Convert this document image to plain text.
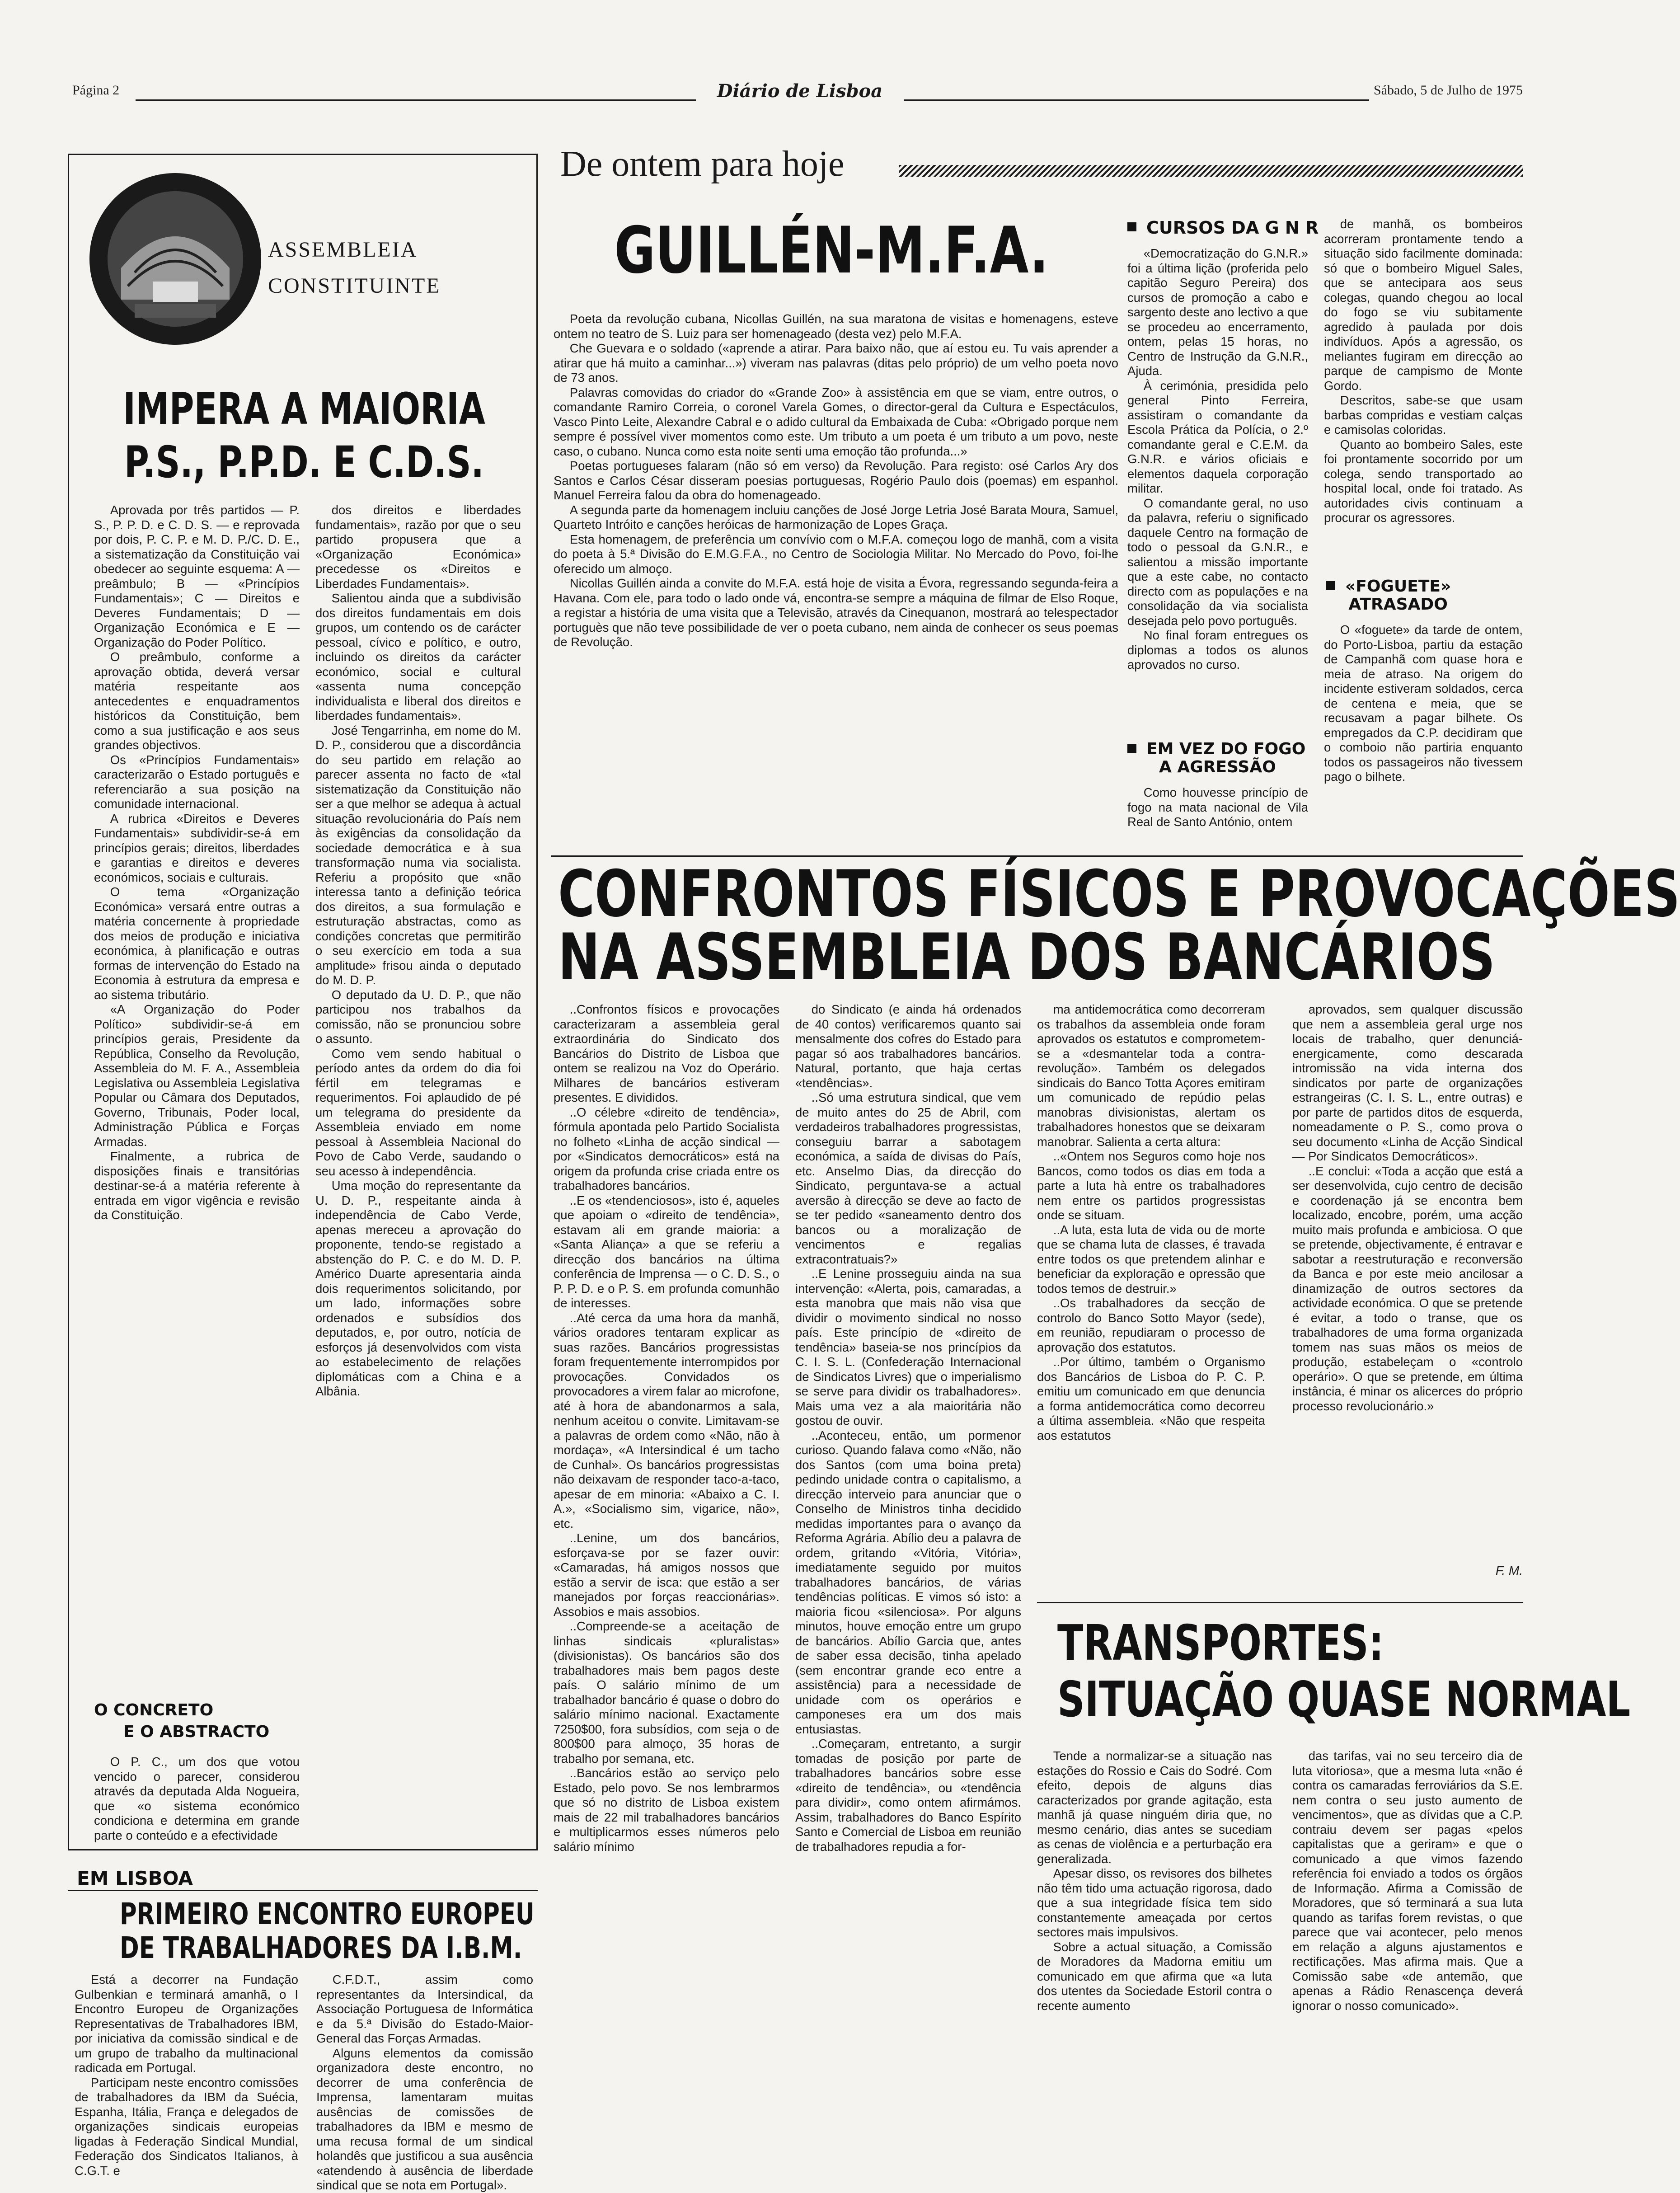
Página 2	Diário de Lisboa	Sábado, 5 de Julho de 1975
ASSEMBLEIA
CONSTITUINTE
IMPERA A MAIORIA
P.S., P.P.D. E C.D.S.

Aprovada por três partidos — P. S., P. P. D. e C. D. S. — e reprovada por dois, P. C. P. e M. D. P./C. D. E., a sistematização da Constituição vai obedecer ao seguinte esquema: A — preâmbulo; B — «Princípios Fundamentais»; C — Direitos e Deveres Fundamentais; D — Organização Económica e E — Organização do Poder Político.

O preâmbulo, conforme a aprovação obtida, deverá versar matéria respeitante aos antecedentes e enquadramentos históricos da Constituição, bem como a sua justificação e aos seus grandes objectivos.

Os «Princípios Fundamentais» caracterizarão o Estado português e referenciarão a sua posição na comunidade internacional.

A rubrica «Direitos e Deveres Fundamentais» subdividir-se-á em princípios gerais; direitos, liberdades e garantias e direitos e deveres económicos, sociais e culturais.

O tema «Organização Económica» versará entre outras a matéria concernente à propriedade dos meios de produção e iniciativa económica, à planificação e outras formas de intervenção do Estado na Economia à estrutura da empresa e ao sistema tributário.

«A Organização do Poder Político» subdividir-se-á em princípios gerais, Presidente da República, Conselho da Revolução, Assembleia do M. F. A., Assembleia Legislativa ou Assembleia Legislativa Popular ou Câmara dos Deputados, Governo, Tribunais, Poder local, Administração Pública e Forças Armadas.

Finalmente, a rubrica de disposições finais e transitórias destinar-se-á a matéria referente à entrada em vigor vigência e revisão da Constituição.

O CONCRETO
E O ABSTRACTO

O P. C., um dos que votou vencido o parecer, considerou através da deputada Alda Nogueira, que «o sistema económico condiciona e determina em grande parte o conteúdo e a efectividade

dos direitos e liberdades fundamentais», razão por que o seu partido propusera que a «Organização Económica» precedesse os «Direitos e Liberdades Fundamentais».

Salientou ainda que a subdivisão dos direitos fundamentais em dois grupos, um contendo os de carácter pessoal, cívico e político, e outro, incluindo os direitos da carácter económico, social e cultural «assenta numa concepção individualista e liberal dos direitos e liberdades fundamentais».

José Tengarrinha, em nome do M. D. P., considerou que a discordância do seu partido em relação ao parecer assenta no facto de «tal sistematização da Constituição não ser a que melhor se adequa à actual situação revolucionária do País nem às exigências da consolidação da sociedade democrática e à sua transformação numa via socialista. Referiu a propósito que «não interessa tanto a definição teórica dos direitos, a sua formulação e estruturação abstractas, como as condições concretas que permitirão o seu exercício em toda a sua amplitude» frisou ainda o deputado do M. D. P.

O deputado da U. D. P., que não participou nos trabalhos da comissão, não se pronunciou sobre o assunto.

Como vem sendo habitual o período antes da ordem do dia foi fértil em telegramas e requerimentos. Foi aplaudido de pé um telegrama do presidente da Assembleia enviado em nome pessoal à Assembleia Nacional do Povo de Cabo Verde, saudando o seu acesso à independência.

Uma moção do representante da U. D. P., respeitante ainda à independência de Cabo Verde, apenas mereceu a aprovação do proponente, tendo-se registado a abstenção do P. C. e do M. D. P. Américo Duarte apresentaria ainda dois requerimentos solicitando, por um lado, informações sobre ordenados e subsídios dos deputados, e, por outro, notícia de esforços já desenvolvidos com vista ao estabelecimento de relações diplomáticas com a China e a Albânia.

EM LISBOA
PRIMEIRO ENCONTRO EUROPEU
DE TRABALHADORES DA I.B.M.

Está a decorrer na Fundação Gulbenkian e terminará amanhã, o I Encontro Europeu de Organizações Representativas de Trabalhadores IBM, por iniciativa da comissão sindical e de um grupo de trabalho da multinacional radicada em Portugal.

Participam neste encontro comissões de trabalhadores da IBM da Suécia, Espanha, Itália, França e delegados de organizações sindicais europeias ligadas à Federação Sindical Mundial, Federação dos Sindicatos Italianos, à C.G.T. e

C.F.D.T., assim como representantes da Intersindical, da Associação Portuguesa de Informática e da 5.ª Divisão do Estado-Maior-General das Forças Armadas.

Alguns elementos da comissão organizadora deste encontro, no decorrer de uma conferência de Imprensa, lamentaram muitas ausências de comissões de trabalhadores da IBM e mesmo de uma recusa formal de um sindical holandês que justificou a sua ausência «atendendo à ausência de liberdade sindical que se nota em Portugal».

De ontem para hoje
GUILLÉN-M.F.A.

Poeta da revolução cubana, Nicollas Guillén, na sua maratona de visitas e homenagens, esteve ontem no teatro de S. Luiz para ser homenageado (desta vez) pelo M.F.A.

Che Guevara e o soldado («aprende a atirar. Para baixo não, que aí estou eu. Tu vais aprender a atirar que há muito a caminhar...») viveram nas palavras (ditas pelo próprio) de um velho poeta novo de 73 anos.

Palavras comovidas do criador do «Grande Zoo» à assistência em que se viam, entre outros, o comandante Ramiro Correia, o coronel Varela Gomes, o director-geral da Cultura e Espectáculos, Vasco Pinto Leite, Alexandre Cabral e o adido cultural da Embaixada de Cuba: «Obrigado porque nem sempre é possível viver momentos como este. Um tributo a um poeta é um tributo a um povo, neste caso, o cubano. Nunca como esta noite senti uma emoção tão profunda...»

Poetas portugueses falaram (não só em verso) da Revolução. Para registo: osé Carlos Ary dos Santos e Carlos César disseram poesias portuguesas, Rogério Paulo dois (poemas) em espanhol. Manuel Ferreira falou da obra do homenageado.

A segunda parte da homenagem incluiu canções de José Jorge Letria José Barata Moura, Samuel, Quarteto Intróito e canções heróicas de harmonização de Lopes Graça.

Esta homenagem, de preferência um convívio com o M.F.A. começou logo de manhã, com a visita do poeta à 5.ª Divisão do E.M.G.F.A., no Centro de Sociologia Militar. No Mercado do Povo, foi-lhe oferecido um almoço.

Nicollas Guillén ainda a convite do M.F.A. está hoje de visita a Évora, regressando segunda-feira a Havana. Com ele, para todo o lado onde vá, encontra-se sempre a máquina de filmar de Elso Roque, a registar a história de uma visita que a Televisão, através da Cinequanon, mostrará ao telespectador portuguès que não teve possibilidade de ver o poeta cubano, nem ainda de conhecer os seus poemas de Revolução.

CURSOS DA G N R

«Democratização do G.N.R.» foi a última lição (proferida pelo capitão Seguro Pereira) dos cursos de promoção a cabo e sargento deste ano lectivo a que se procedeu ao encerramento, ontem, pelas 15 horas, no Centro de Instrução da G.N.R., Ajuda.

À cerimónia, presidida pelo general Pinto Ferreira, assistiram o comandante da Escola Prática da Polícia, o 2.º comandante geral e C.E.M. da G.N.R. e vários oficiais e elementos daquela corporação militar.

O comandante geral, no uso da palavra, referiu o significado daquele Centro na formação de todo o pessoal da G.N.R., e salientou a missão importante que a este cabe, no contacto directo com as populações e na consolidação da via socialista desejada pelo povo português.

No final foram entregues os diplomas a todos os alunos aprovados no curso.

EM VEZ DO FOGO
A AGRESSÃO

Como houvesse princípio de fogo na mata nacional de Vila Real de Santo António, ontem

de manhã, os bombeiros acorreram prontamente tendo a situação sido facilmente dominada: só que o bombeiro Miguel Sales, que se antecipara aos seus colegas, quando chegou ao local do fogo se viu subitamente agredido à paulada por dois indivíduos. Após a agressão, os meliantes fugiram em direcção ao parque de campismo de Monte Gordo.

Descritos, sabe-se que usam barbas compridas e vestiam calças e camisolas coloridas.

Quanto ao bombeiro Sales, este foi prontamente socorrido por um colega, sendo transportado ao hospital local, onde foi tratado. As autoridades civis continuam a procurar os agressores.

«FOGUETE»
ATRASADO

O «foguete» da tarde de ontem, do Porto-Lisboa, partiu da estação de Campanhã com quase hora e meia de atraso. Na origem do incidente estiveram soldados, cerca de centena e meia, que se recusavam a pagar bilhete. Os empregados da C.P. decidiram que o comboio não partiria enquanto todos os passageiros não tivessem pago o bilhete.

CONFRONTOS FÍSICOS E PROVOCAÇÕES
NA ASSEMBLEIA DOS BANCÁRIOS

..Confrontos físicos e provocações caracterizaram a assembleia geral extraordinária do Sindicato dos Bancários do Distrito de Lisboa que ontem se realizou na Voz do Operário. Milhares de bancários estiveram presentes. E divididos.

..O célebre «direito de tendência», fórmula apontada pelo Partido Socialista no folheto «Linha de acção sindical — por «Sindicatos democráticos» está na origem da profunda crise criada entre os trabalhadores bancários.

..E os «tendenciosos», isto é, aqueles que apoiam o «direito de tendência», estavam ali em grande maioria: a «Santa Aliança» a que se referiu a direcção dos bancários na última conferência de Imprensa — o C. D. S., o P. P. D. e o P. S. em profunda comunhão de interesses.

..Até cerca da uma hora da manhã, vários oradores tentaram explicar as suas razões. Bancários progressistas foram frequentemente interrompidos por provocações. Convidados os provocadores a virem falar ao microfone, até à hora de abandonarmos a sala, nenhum aceitou o convite. Limitavam-se a palavras de ordem como «Não, não à mordaça», «A Intersindical é um tacho de Cunhal». Os bancários progressistas não deixavam de responder taco-a-taco, apesar de em minoria: «Abaixo a C. I. A.», «Socialismo sim, vigarice, não», etc.

..Lenine, um dos bancários, esforçava-se por se fazer ouvir: «Camaradas, há amigos nossos que estão a servir de isca: que estão a ser manejados por forças reaccionárias». Assobios e mais assobios.

..Compreende-se a aceitação de linhas sindicais «pluralistas» (divisionistas). Os bancários são dos trabalhadores mais bem pagos deste país. O salário mínimo de um trabalhador bancário é quase o dobro do salário mínimo nacional. Exactamente 7250$00, fora subsídios, com seja o de 800$00 para almoço, 35 horas de trabalho por semana, etc.

..Bancários estão ao serviço pelo Estado, pelo povo. Se nos lembrarmos que só no distrito de Lisboa existem mais de 22 mil trabalhadores bancários e multiplicarmos esses números pelo salário mínimo

do Sindicato (e ainda há ordenados de 40 contos) verificaremos quanto sai mensalmente dos cofres do Estado para pagar só aos trabalhadores bancários. Natural, portanto, que haja certas «tendências».

..Só uma estrutura sindical, que vem de muito antes do 25 de Abril, com verdadeiros trabalhadores progressistas, conseguiu barrar a sabotagem económica, a saída de divisas do País, etc. Anselmo Dias, da direcção do Sindicato, perguntava-se a actual aversão à direcção se deve ao facto de se ter pedido «saneamento dentro dos bancos ou a moralização de vencimentos e regalias extracontratuais?»

..E Lenine prosseguiu ainda na sua intervenção: «Alerta, pois, camaradas, a esta manobra que mais não visa que dividir o movimento sindical no nosso país. Este princípio de «direito de tendência» baseia-se nos princípios da C. I. S. L. (Confederação Internacional de Sindicatos Livres) que o imperialismo se serve para dividir os trabalhadores». Mais uma vez a ala maioritária não gostou de ouvir.

..Aconteceu, então, um pormenor curioso. Quando falava como «Não, não dos Santos (com uma boina preta) pedindo unidade contra o capitalismo, a direcção interveio para anunciar que o Conselho de Ministros tinha decidido medidas importantes para o avanço da Reforma Agrária. Abílio deu a palavra de ordem, gritando «Vitória, Vitória», imediatamente seguido por muitos trabalhadores bancários, de várias tendências políticas. E vimos só isto: a maioria ficou «silenciosa». Por alguns minutos, houve emoção entre um grupo de bancários. Abílio Garcia que, antes de saber essa decisão, tinha apelado (sem encontrar grande eco entre a assistência) para a necessidade de unidade com os operários e camponeses era um dos mais entusiastas.

..Começaram, entretanto, a surgir tomadas de posição por parte de trabalhadores bancários sobre esse «direito de tendência», ou «tendência para dividir», como ontem afirmámos. Assim, trabalhadores do Banco Espírito Santo e Comercial de Lisboa em reunião de trabalhadores repudia a for-

ma antidemocrática como decorreram os trabalhos da assembleia onde foram aprovados os estatutos e comprometem-se a «desmantelar toda a contra-revolução». Também os delegados sindicais do Banco Totta Açores emitiram um comunicado de repúdio pelas manobras divisionistas, alertam os trabalhadores honestos que se deixaram manobrar. Salienta a certa altura:

..«Ontem nos Seguros como hoje nos Bancos, como todos os dias em toda a parte a luta hà entre os trabalhadores nem entre os partidos progressistas onde se situam.

..A luta, esta luta de vida ou de morte que se chama luta de classes, é travada entre todos os que pretendem alinhar e beneficiar da exploração e opressão que todos temos de destruir.»

..Os trabalhadores da secção de controlo do Banco Sotto Mayor (sede), em reunião, repudiaram o processo de aprovação dos estatutos.

..Por último, também o Organismo dos Bancários de Lisboa do P. C. P. emitiu um comunicado em que denuncia a forma antidemocrática como decorreu a última assembleia. «Não que respeita aos estatutos

aprovados, sem qualquer discussão que nem a assembleia geral urge nos locais de trabalho, quer denunciá- energicamente, como descarada intromissão na vida interna dos sindicatos por parte de organizações estrangeiras (C. I. S. L., entre outras) e por parte de partidos ditos de esquerda, nomeadamente o P. S., como prova o seu documento «Linha de Acção Sindical — Por Sindicatos Democráticos».

..E conclui: «Toda a acção que está a ser desenvolvida, cujo centro de decisão e coordenação já se encontra bem localizado, encobre, porém, uma acção muito mais profunda e ambiciosa. O que se pretende, objectivamente, é entravar e sabotar a reestruturação e reconversão da Banca e por este meio ancilosar a dinamização de outros sectores da actividade económica. O que se pretende é evitar, a todo o transe, que os trabalhadores de uma forma organizada tomem nas suas mãos os meios de produção, estabeleçam o «controlo operário». O que se pretende, em última instância, é minar os alicerces do próprio processo revolucionário.»

F. M.
TRANSPORTES:
SITUAÇÃO QUASE NORMAL

Tende a normalizar-se a situação nas estações do Rossio e Cais do Sodré. Com efeito, depois de alguns dias caracterizados por grande agitação, esta manhã já quase ninguém diria que, no mesmo cenário, dias antes se sucediam as cenas de violência e a perturbação era generalizada.

Apesar disso, os revisores dos bilhetes não têm tido uma actuação rigorosa, dado que a sua integridade física tem sido constantemente ameaçada por certos sectores mais impulsivos.

Sobre a actual situação, a Comissão de Moradores da Madorna emitiu um comunicado em que afirma que «a luta dos utentes da Sociedade Estoril contra o recente aumento

das tarifas, vai no seu terceiro dia de luta vitoriosa», que a mesma luta «não é contra os camaradas ferroviários da S.E. nem contra o seu justo aumento de vencimentos», que as dívidas que a C.P. contraiu devem ser pagas «pelos capitalistas que a geriram» e que o comunicado a que vimos fazendo referência foi enviado a todos os órgãos de Informação. Afirma a Comissão de Moradores, que só terminará a sua luta quando as tarifas forem revistas, o que parece que vai acontecer, pelo menos em relação a alguns ajustamentos e rectificações. Mas afirma mais. Que a Comissão sabe «de antemão, que apenas a Rádio Renascença deverá ignorar o nosso comunicado».
